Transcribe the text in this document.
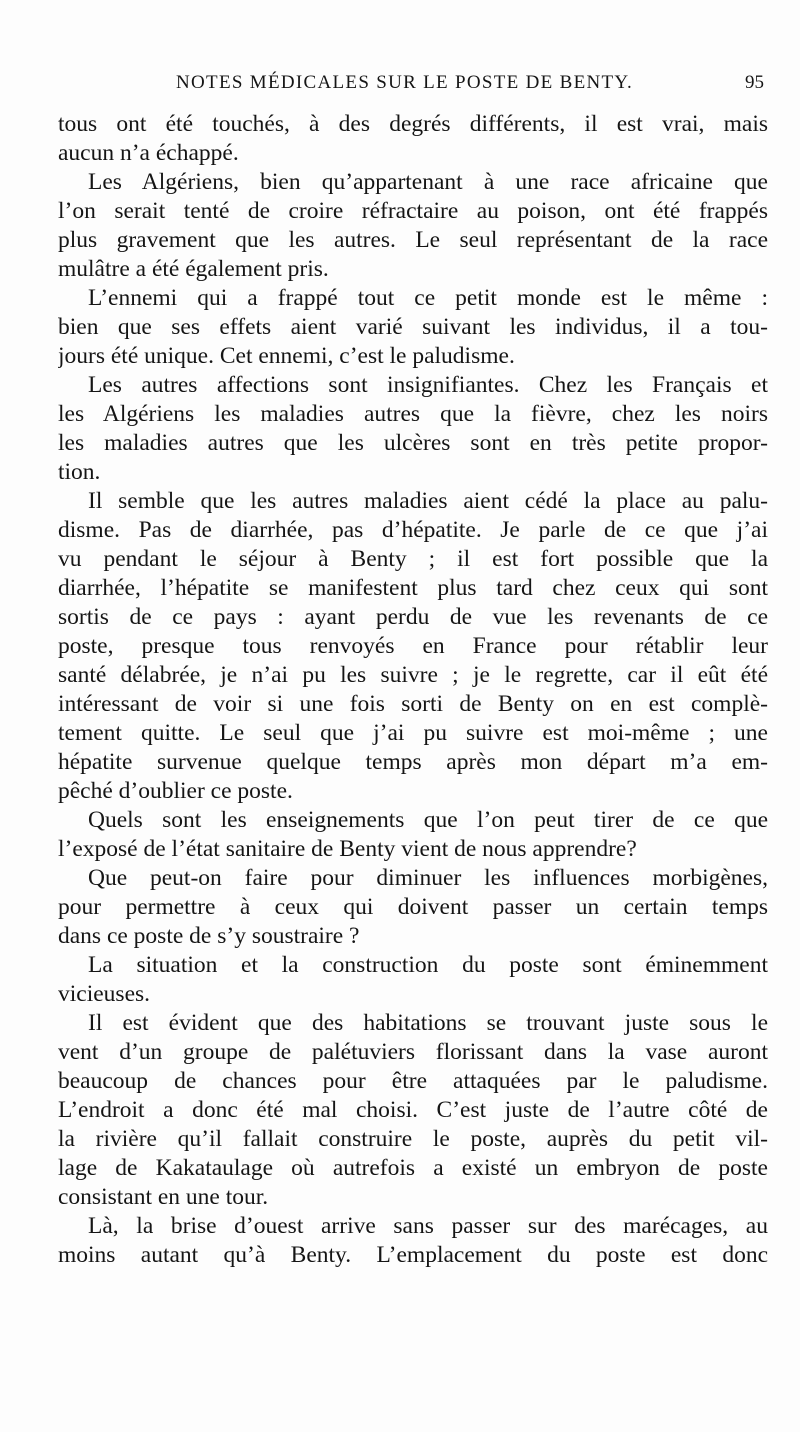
NOTES MÉDICALES SUR LE POSTE DE BENTY.	95
tous ont été touchés, à des degrés différents, il est vrai, mais
aucun n’a échappé.
Les Algériens, bien qu’appartenant à une race africaine que
l’on serait tenté de croire réfractaire au poison, ont été frappés
plus gravement que les autres. Le seul représentant de la race
mulâtre a été également pris.
L’ennemi qui a frappé tout ce petit monde est le même :
bien que ses effets aient varié suivant les individus, il a tou-
jours été unique. Cet ennemi, c’est le paludisme.
Les autres affections sont insignifiantes. Chez les Français et
les Algériens les maladies autres que la fièvre, chez les noirs
les maladies autres que les ulcères sont en très petite propor-
tion.
Il semble que les autres maladies aient cédé la place au palu-
disme. Pas de diarrhée, pas d’hépatite. Je parle de ce que j’ai
vu pendant le séjour à Benty ; il est fort possible que la
diarrhée, l’hépatite se manifestent plus tard chez ceux qui sont
sortis de ce pays : ayant perdu de vue les revenants de ce
poste, presque tous renvoyés en France pour rétablir leur
santé délabrée, je n’ai pu les suivre ; je le regrette, car il eût été
intéressant de voir si une fois sorti de Benty on en est complè-
tement quitte. Le seul que j’ai pu suivre est moi-même ; une
hépatite survenue quelque temps après mon départ m’a em-
pêché d’oublier ce poste.
Quels sont les enseignements que l’on peut tirer de ce que
l’exposé de l’état sanitaire de Benty vient de nous apprendre?
Que peut-on faire pour diminuer les influences morbigènes,
pour permettre à ceux qui doivent passer un certain temps
dans ce poste de s’y soustraire ?
La situation et la construction du poste sont éminemment
vicieuses.
Il est évident que des habitations se trouvant juste sous le
vent d’un groupe de palétuviers florissant dans la vase auront
beaucoup de chances pour être attaquées par le paludisme.
L’endroit a donc été mal choisi. C’est juste de l’autre côté de
la rivière qu’il fallait construire le poste, auprès du petit vil-
lage de Kakataulage où autrefois a existé un embryon de poste
consistant en une tour.
Là, la brise d’ouest arrive sans passer sur des marécages, au
moins autant qu’à Benty. L’emplacement du poste est donc
